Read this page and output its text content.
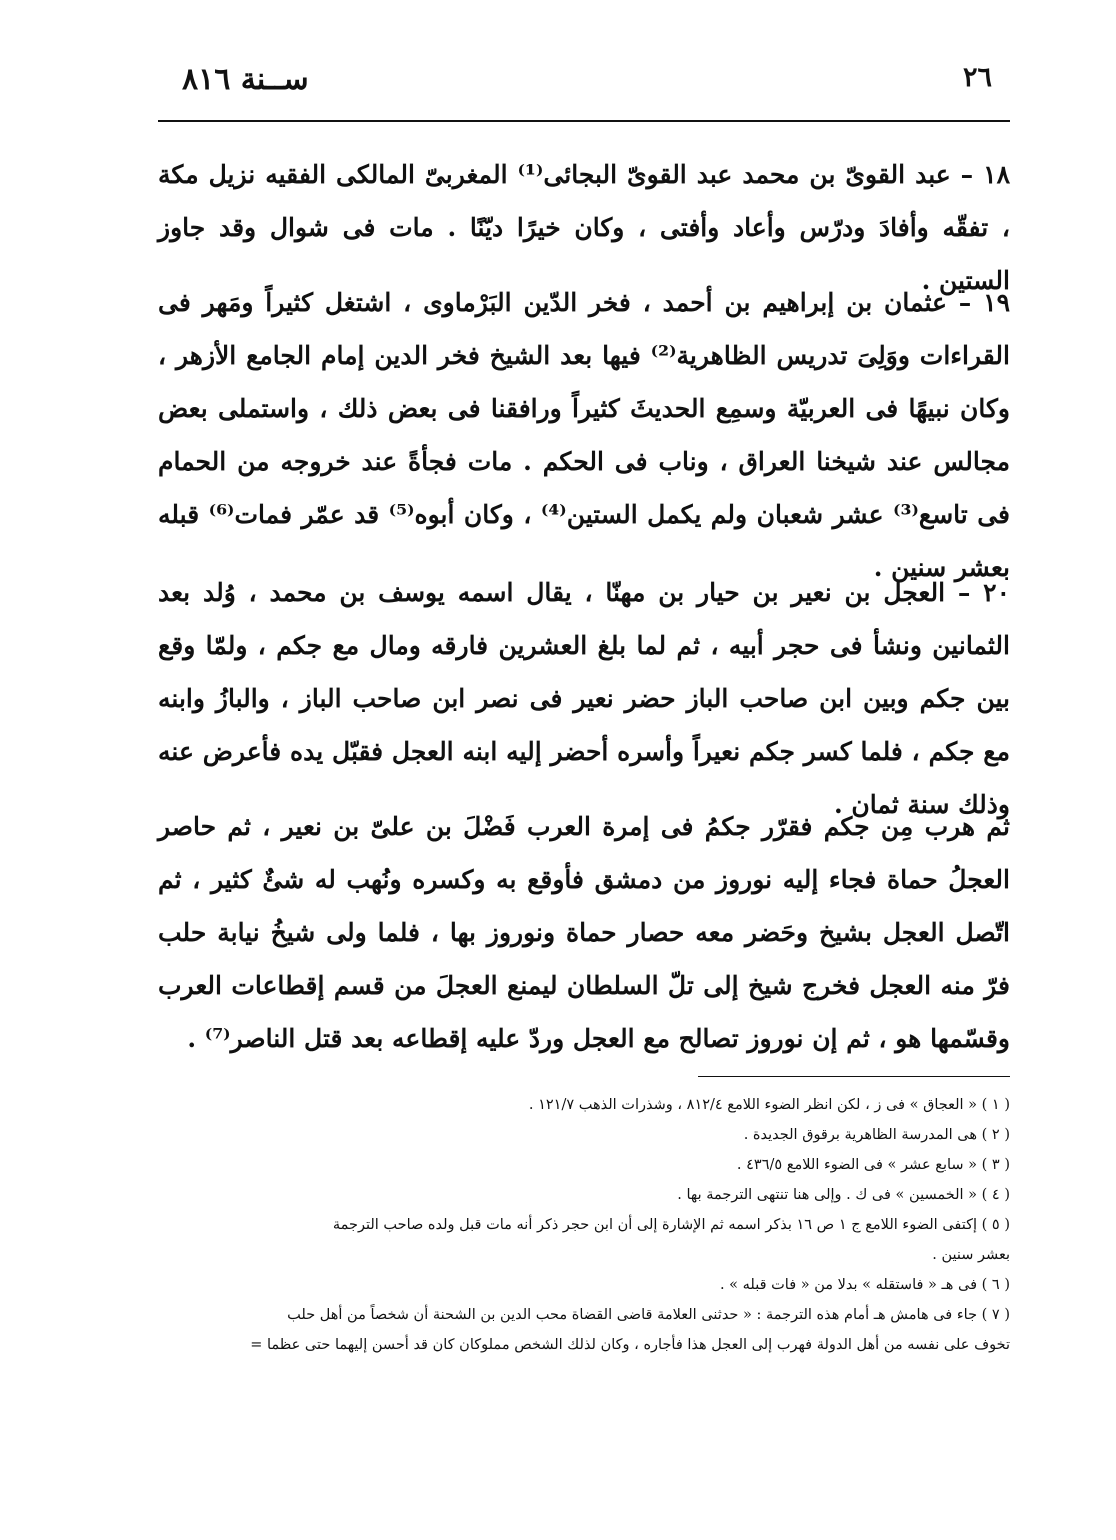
٢٦
ســنة ٨١٦

١٨ – عبد القوىّ بن محمد عبد القوىّ البجائى⁽¹⁾ المغربىّ المالكى الفقيه نزيل مكة ، تفقّه وأفادَ ودرّس وأعاد وأفتى ، وكان خيرًا ديّنًا . مات فى شوال وقد جاوز الستين .

١٩ – عثمان بن إبراهيم بن أحمد ، فخر الدّين البَرْماوى ، اشتغل كثيراً ومَهر فى القراءات ووَلِىَ تدريس الظاهرية⁽²⁾ فيها بعد الشيخ فخر الدين إمام الجامع الأزهر ، وكان نبيهًا فى العربيّة وسمِع الحديثَ كثيراً ورافقنا فى بعض ذلك ، واستملى بعض مجالس عند شيخنا العراق ، وناب فى الحكم . مات فجأةً عند خروجه من الحمام فى تاسع⁽³⁾ عشر شعبان ولم يكمل الستين⁽⁴⁾ ، وكان أبوه⁽⁵⁾ قد عمّر فمات⁽⁶⁾ قبله بعشر سنين .

٢٠ – العجل بن نعير بن حيار بن مهنّا ، يقال اسمه يوسف بن محمد ، وُلد بعد الثمانين ونشأ فى حجر أبيه ، ثم لما بلغ العشرين فارقه ومال مع جكم ، ولمّا وقع بين جكم وبين ابن صاحب الباز حضر نعير فى نصر ابن صاحب الباز ، والبازُ وابنه مع جكم ، فلما كسر جكم نعيراً وأسره أحضر إليه ابنه العجل فقبّل يده فأعرض عنه وذلك سنة ثمان .

ثم هرب مِن جكم فقرّر جكمُ فى إمرة العرب فَضْلَ بن علىّ بن نعير ، ثم حاصر العجلُ حماة فجاء إليه نوروز من دمشق فأوقع به وكسره ونُهب له شئٌ كثير ، ثم اتّصل العجل بشيخ وحَضر معه حصار حماة ونوروز بها ، فلما ولى شيخُ نيابة حلب فرّ منه العجل فخرج شيخ إلى تلّ السلطان ليمنع العجلَ من قسم إقطاعات العرب وقسّمها هو ، ثم إن نوروز تصالح مع العجل وردّ عليه إقطاعه بعد قتل الناصر⁽⁷⁾ .

( ١ ) « العجاق » فى ز ، لكن انظر الضوء اللامع ٨١٢/٤ ، وشذرات الذهب ١٢١/٧ .

( ٢ ) هى المدرسة الظاهرية برقوق الجديدة .

( ٣ ) « سابع عشر » فى الضوء اللامع ٤٣٦/٥ .

( ٤ ) « الخمسين » فى ك . وإلى هنا تنتهى الترجمة بها .

( ٥ ) إكتفى الضوء اللامع ج ١ ص ١٦ بذكر اسمه ثم الإشارة إلى أن ابن حجر ذكر أنه مات قبل ولده صاحب الترجمة

بعشر سنين .

( ٦ ) فى هـ « فاستقله » بدلا من « فات قبله » .

( ٧ ) جاء فى هامش هـ أمام هذه الترجمة : « حدثنى العلامة قاضى القضاة محب الدين بن الشحنة أن شخصاً من أهل حلب

تخوف على نفسه من أهل الدولة فهرب إلى العجل هذا فأجاره ، وكان لذلك الشخص مملوكان كان قد أحسن إليهما حتى عظما =
